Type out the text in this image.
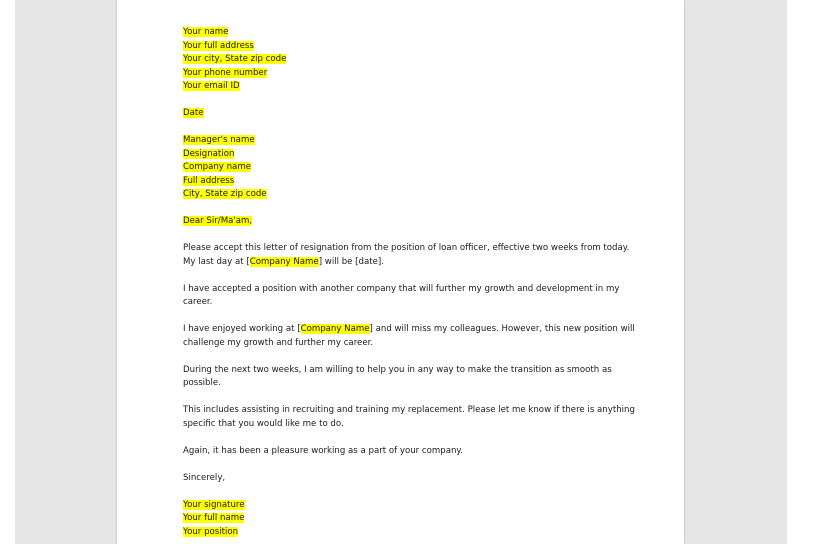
Your name
Your full address
Your city, State zip code
Your phone number
Your email ID
Date
Manager's name
Designation
Company name
Full address
City, State zip code
Dear Sir/Ma'am,
Please accept this letter of resignation from the position of loan officer, effective two weeks from today.
My last day at [Company Name] will be [date].
I have accepted a position with another company that will further my growth and development in my
career.
I have enjoyed working at [Company Name] and will miss my colleagues. However, this new position will
challenge my growth and further my career.
During the next two weeks, I am willing to help you in any way to make the transition as smooth as
possible.
This includes assisting in recruiting and training my replacement. Please let me know if there is anything
specific that you would like me to do.
Again, it has been a pleasure working as a part of your company.
Sincerely,
Your signature
Your full name
Your position
